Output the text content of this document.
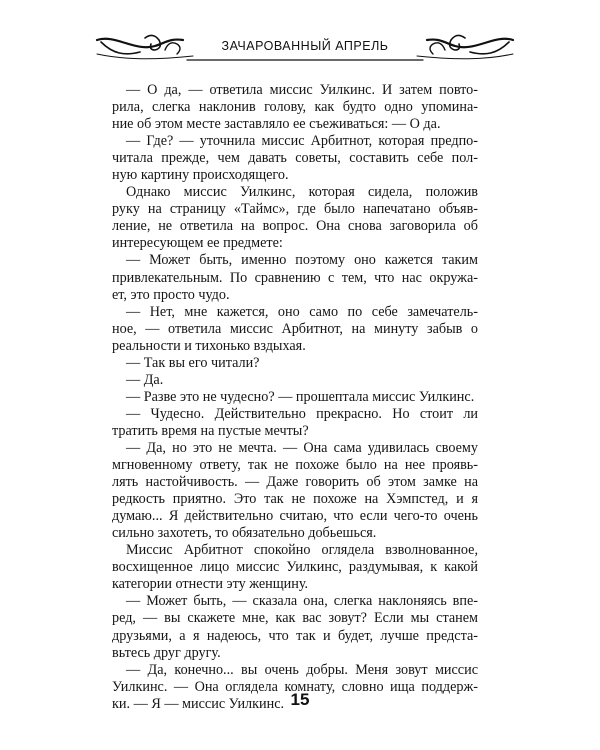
ЗАЧАРОВАННЫЙ АПРЕЛЬ

— О да, — ответила миссис Уилкинс. И затем повто-
рила, слегка наклонив голову, как будто одно упомина-
ние об этом месте заставляло ее съеживаться: — О да.

— Где? — уточнила миссис Арбитнот, которая предпо-
читала прежде, чем давать советы, составить себе пол-
ную картину происходящего.

Однако миссис Уилкинс, которая сидела, положив
руку на страницу «Таймс», где было напечатано объяв-
ление, не ответила на вопрос. Она снова заговорила об
интересующем ее предмете:

— Может быть, именно поэтому оно кажется таким
привлекательным. По сравнению с тем, что нас окружа-
ет, это просто чудо.

— Нет, мне кажется, оно само по себе замечатель-
ное, — ответила миссис Арбитнот, на минуту забыв о
реальности и тихонько вздыхая.

— Так вы его читали?

— Да.

— Разве это не чудесно? — прошептала миссис Уилкинс.

— Чудесно. Действительно прекрасно. Но стоит ли
тратить время на пустые мечты?

— Да, но это не мечта. — Она сама удивилась своему
мгновенному ответу, так не похоже было на нее проявь-
лять настойчивость. — Даже говорить об этом замке на
редкость приятно. Это так не похоже на Хэмпстед, и я
думаю... Я действительно считаю, что если чего-то очень
сильно захотеть, то обязательно добьешься.

Миссис Арбитнот спокойно оглядела взволнованное,
восхищенное лицо миссис Уилкинс, раздумывая, к какой
категории отнести эту женщину.

— Может быть, — сказала она, слегка наклоняясь впе-
ред, — вы скажете мне, как вас зовут? Если мы станем
друзьями, а я надеюсь, что так и будет, лучше предста-
вьтесь друг другу.

— Да, конечно... вы очень добры. Меня зовут миссис
Уилкинс. — Она оглядела комнату, словно ища поддерж-
ки. — Я — миссис Уилкинс. 15
